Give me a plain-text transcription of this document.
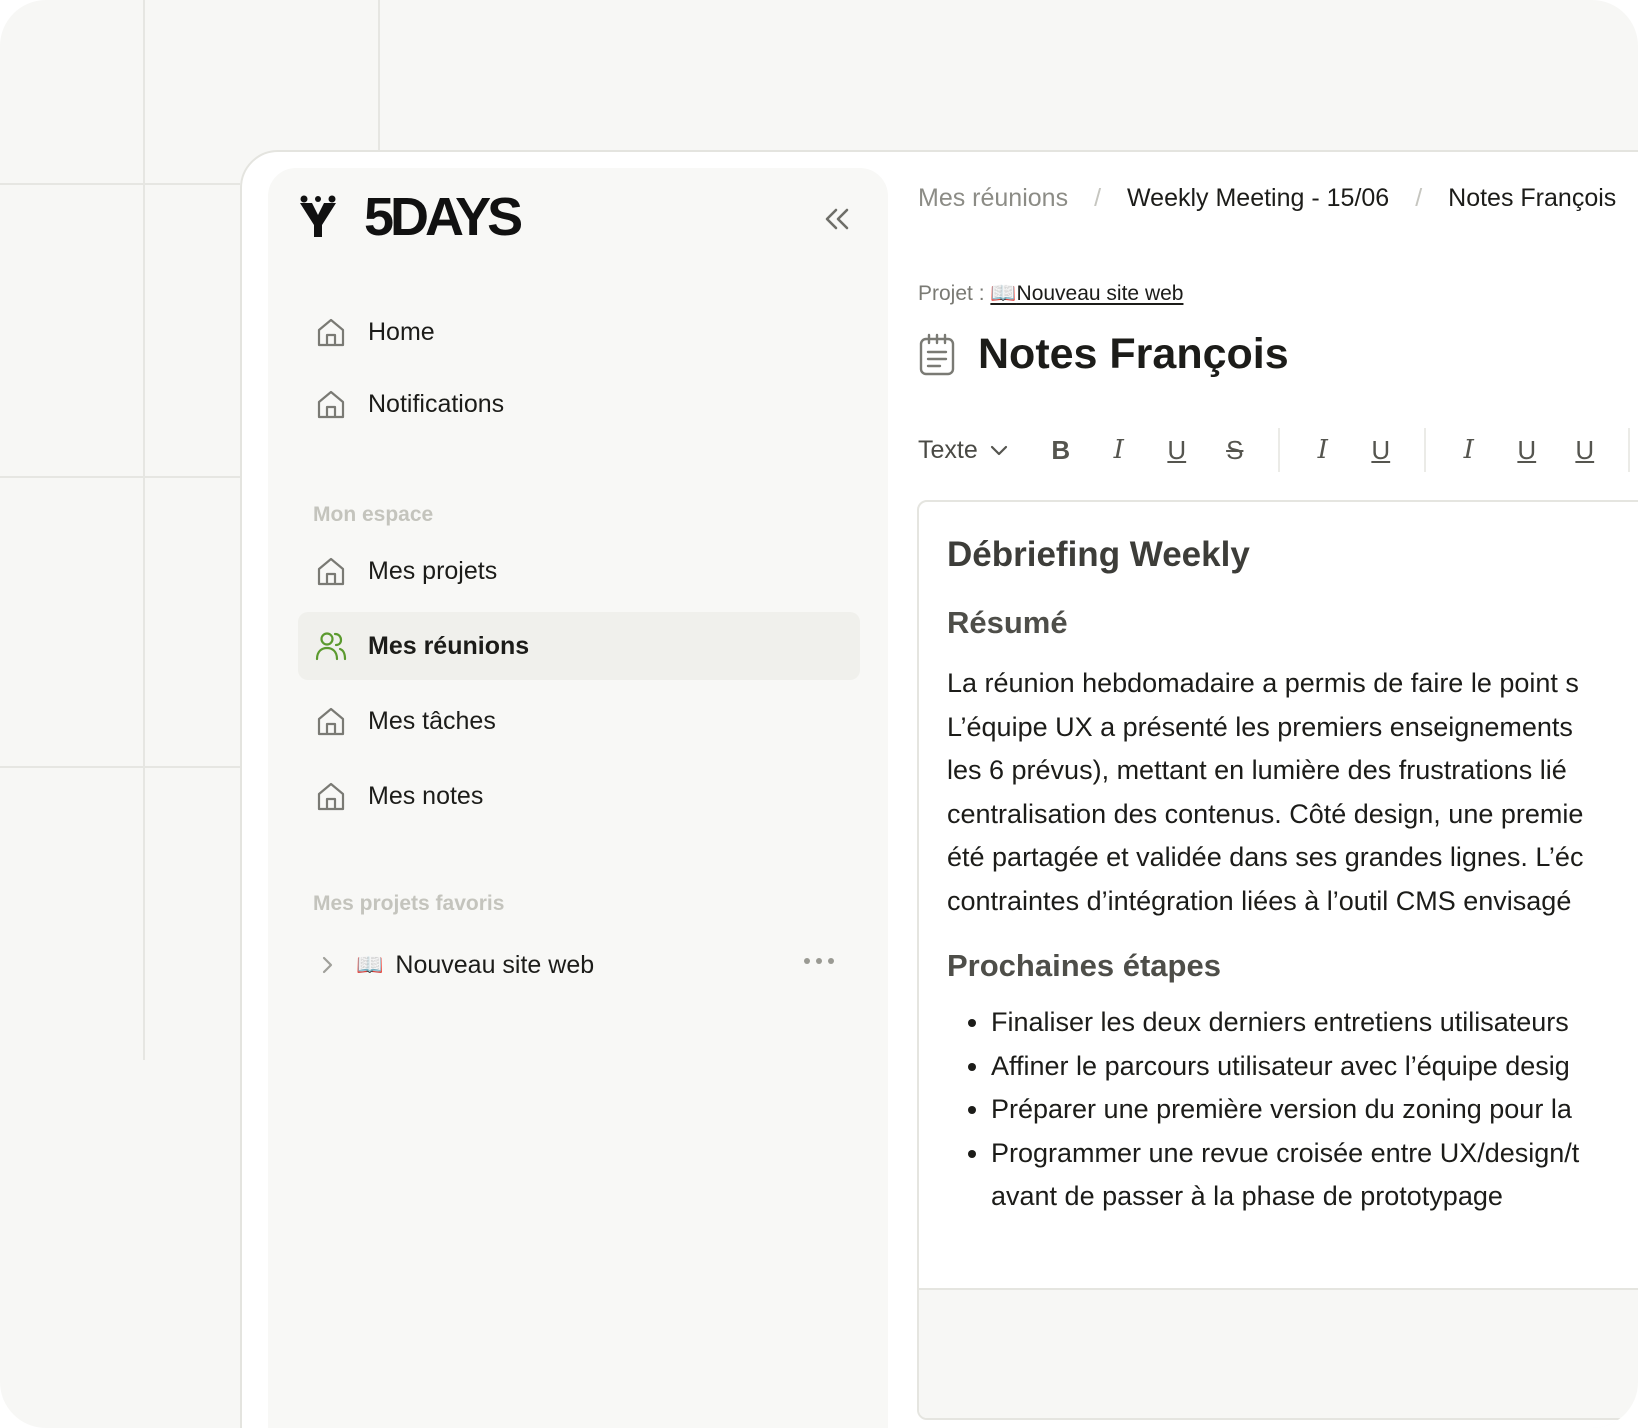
5DAYS
Home
Notifications
Mon espace
Mes projets
Mes réunions
Mes tâches
Mes notes
Mes projets favoris
📖 Nouveau site web
Mes réunions / Weekly Meeting - 15/06 / Notes François
Projet : 📖Nouveau site web
Notes François
Texte	B	I	U	S	I	U	I	U	U
Débriefing Weekly
Résumé

La réunion hebdomadaire a permis de faire le point s
L’équipe UX a présenté les premiers enseignements
les 6 prévus), mettant en lumière des frustrations lié
centralisation des contenus. Côté design, une premie
été partagée et validée dans ses grandes lignes. L’éc
contraintes d’intégration liées à l’outil CMS envisagé

Prochaines étapes
• Finaliser les deux derniers entretiens utilisateurs
• Affiner le parcours utilisateur avec l’équipe desig
• Préparer une première version du zoning pour la
• Programmer une revue croisée entre UX/design/t
avant de passer à la phase de prototypage
